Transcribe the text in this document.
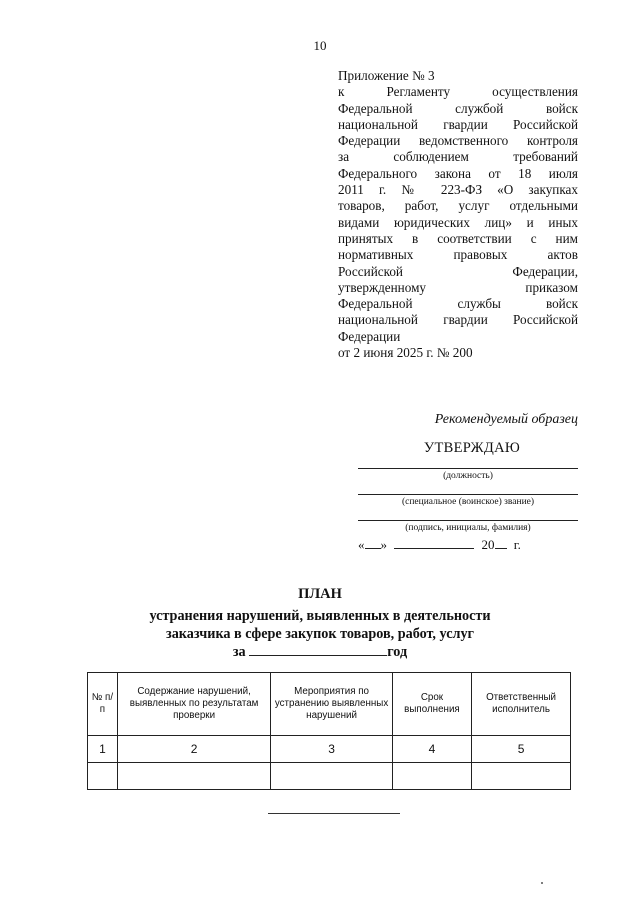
10
Приложение № 3
к Регламенту осуществления
Федеральной службой войск
национальной гвардии Российской
Федерации ведомственного контроля
за соблюдением требований
Федерального закона от 18 июля
2011 г. № 223-ФЗ «О закупках
товаров, работ, услуг отдельными
видами юридических лиц» и иных
принятых в соответствии с ним
нормативных правовых актов
Российской Федерации,
утвержденному приказом
Федеральной службы войск
национальной гвардии Российской
Федерации
от 2 июня 2025 г. № 200
Рекомендуемый образец
УТВЕРЖДАЮ
(должность)
(специальное (воинское) звание)
(подпись, инициалы, фамилия)
« »	20 г.
ПЛАН
устранения нарушений, выявленных в деятельности
заказчика в сфере закупок товаров, работ, услуг
за	год
№ п/п	Содержание нарушений, выявленных по результатам проверки	Мероприятия по устранению выявленных нарушений	Срок выполнения	Ответственный исполнитель
1	2	3	4	5
